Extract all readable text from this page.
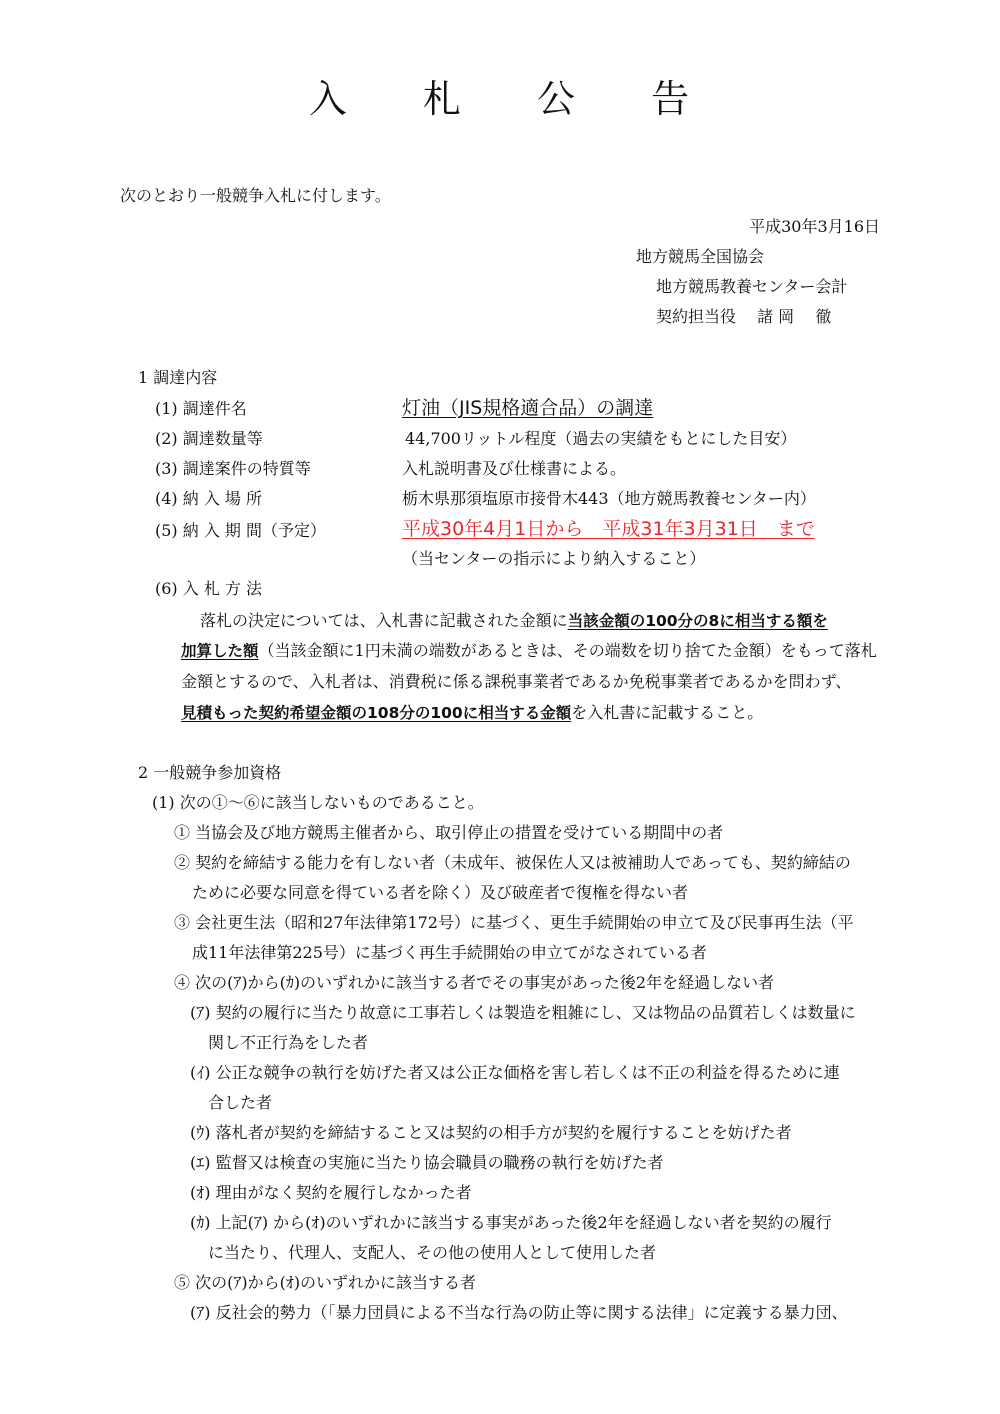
入 札 公 告
次のとおり一般競争入札に付します。
平成30年3月16日
地方競馬全国協会
地方競馬教養センター会計
契約担当役　 諸 岡　 徹
1 調達内容
(1) 調達件名	灯油（JIS規格適合品）の調達
(2) 調達数量等	44,700リットル程度（過去の実績をもとにした目安）
(3) 調達案件の特質等	入札説明書及び仕様書による。
(4) 納 入 場 所	栃木県那須塩原市接骨木443（地方競馬教養センター内）
(5) 納 入 期 間（予定）	平成30年4月1日から　平成31年3月31日　まで
（当センターの指示により納入すること）
(6) 入 札 方 法
落札の決定については、入札書に記載された金額に当該金額の100分の8に相当する額を
加算した額（当該金額に1円未満の端数があるときは、その端数を切り捨てた金額）をもって落札
金額とするので、入札者は、消費税に係る課税事業者であるか免税事業者であるかを問わず、
見積もった契約希望金額の108分の100に相当する金額を入札書に記載すること。
2 一般競争参加資格
(1) 次の①～⑥に該当しないものであること。
① 当協会及び地方競馬主催者から、取引停止の措置を受けている期間中の者
② 契約を締結する能力を有しない者（未成年、被保佐人又は被補助人であっても、契約締結の
ために必要な同意を得ている者を除く）及び破産者で復権を得ない者
③ 会社更生法（昭和27年法律第172号）に基づく、更生手続開始の申立て及び民事再生法（平
成11年法律第225号）に基づく再生手続開始の申立てがなされている者
④ 次の(ｱ)から(ｶ)のいずれかに該当する者でその事実があった後2年を経過しない者
(ｱ) 契約の履行に当たり故意に工事若しくは製造を粗雑にし、又は物品の品質若しくは数量に
関し不正行為をした者
(ｲ) 公正な競争の執行を妨げた者又は公正な価格を害し若しくは不正の利益を得るために連
合した者
(ｳ) 落札者が契約を締結すること又は契約の相手方が契約を履行することを妨げた者
(ｴ) 監督又は検査の実施に当たり協会職員の職務の執行を妨げた者
(ｵ) 理由がなく契約を履行しなかった者
(ｶ) 上記(ｱ) から(ｵ)のいずれかに該当する事実があった後2年を経過しない者を契約の履行
に当たり、代理人、支配人、その他の使用人として使用した者
⑤ 次の(ｱ)から(ｵ)のいずれかに該当する者
(ｱ) 反社会的勢力（「暴力団員による不当な行為の防止等に関する法律」に定義する暴力団、
